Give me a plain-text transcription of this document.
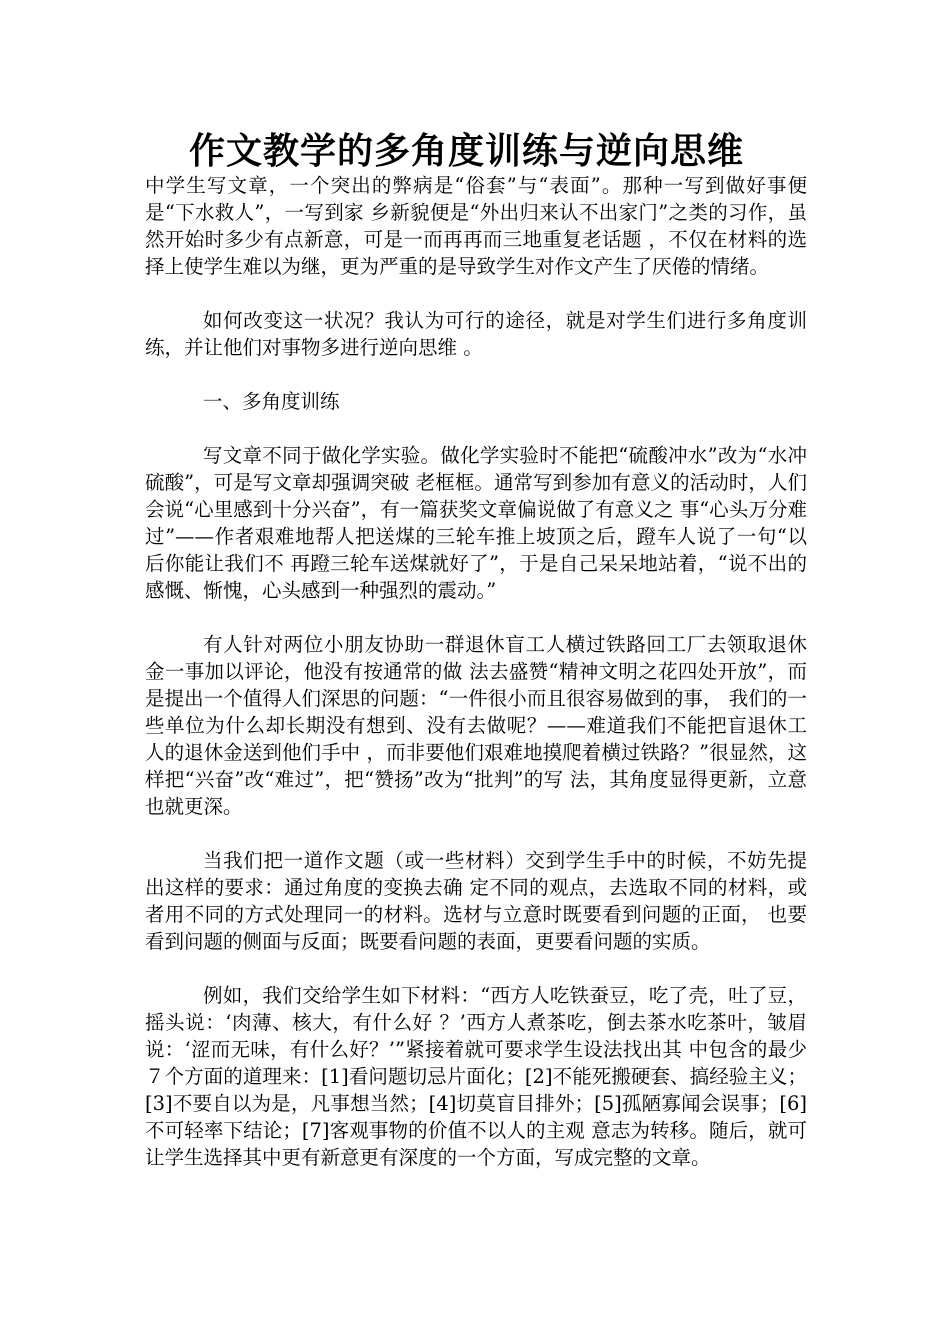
作文教学的多角度训练与逆向思维

中学生写文章，一个突出的弊病是“俗套”与“表面”。那种一写到做好事便是“下水救人”，一写到家 乡新貌便是“外出归来认不出家门”之类的习作，虽然开始时多少有点新意，可是一而再再而三地重复老话题 ，不仅在材料的选择上使学生难以为继，更为严重的是导致学生对作文产生了厌倦的情绪。

如何改变这一状况？我认为可行的途径，就是对学生们进行多角度训练，并让他们对事物多进行逆向思维 。

一、多角度训练

写文章不同于做化学实验。做化学实验时不能把“硫酸冲水”改为“水冲硫酸”，可是写文章却强调突破 老框框。通常写到参加有意义的活动时，人们会说“心里感到十分兴奋”，有一篇获奖文章偏说做了有意义之 事“心头万分难过”——作者艰难地帮人把送煤的三轮车推上坡顶之后，蹬车人说了一句“以后你能让我们不 再蹬三轮车送煤就好了”，于是自己呆呆地站着，“说不出的感慨、惭愧，心头感到一种强烈的震动。”

有人针对两位小朋友协助一群退休盲工人横过铁路回工厂去领取退休金一事加以评论，他没有按通常的做 法去盛赞“精神文明之花四处开放”，而是提出一个值得人们深思的问题：“一件很小而且很容易做到的事， 我们的一些单位为什么却长期没有想到、没有去做呢？——难道我们不能把盲退休工人的退休金送到他们手中 ，而非要他们艰难地摸爬着横过铁路？”很显然，这样把“兴奋”改“难过”，把“赞扬”改为“批判”的写 法，其角度显得更新，立意也就更深。

当我们把一道作文题（或一些材料）交到学生手中的时候，不妨先提出这样的要求：通过角度的变换去确 定不同的观点，去选取不同的材料，或者用不同的方式处理同一的材料。选材与立意时既要看到问题的正面， 也要看到问题的侧面与反面；既要看问题的表面，更要看问题的实质。

例如，我们交给学生如下材料：“西方人吃铁蚕豆，吃了壳，吐了豆，摇头说：‘肉薄、核大，有什么好 ？’西方人煮茶吃，倒去茶水吃茶叶，皱眉说：‘涩而无味，有什么好？’”紧接着就可要求学生设法找出其 中包含的最少７个方面的道理来：[1]看问题切忌片面化；[2]不能死搬硬套、搞经验主义；[3]不要自以为是，凡事想当然；[4]切莫盲目排外；[5]孤陋寡闻会误事；[6]不可轻率下结论；[7]客观事物的价值不以人的主观 意志为转移。随后，就可让学生选择其中更有新意更有深度的一个方面，写成完整的文章。
